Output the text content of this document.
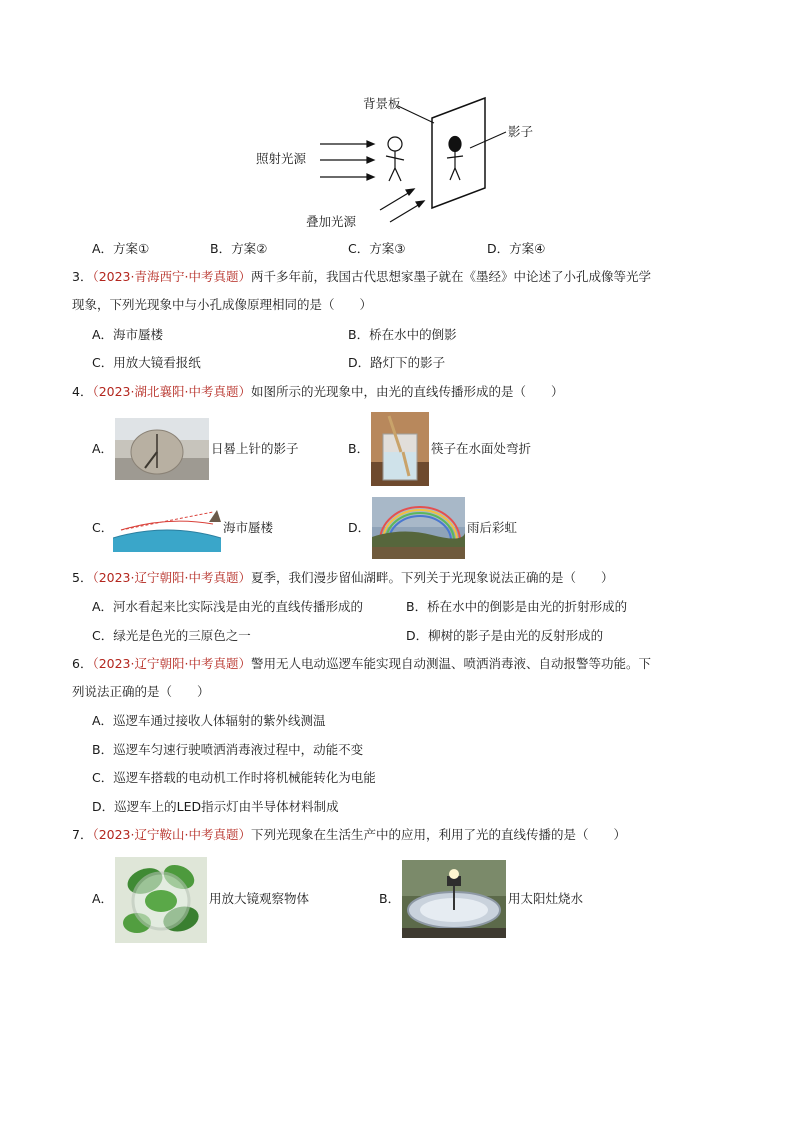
背景板
影子
照射光源
叠加光源
A．方案①	B．方案②	C．方案③	D．方案④
3．（2023·青海西宁·中考真题）两千多年前，我国古代思想家墨子就在《墨经》中论述了小孔成像等光学
现象，下列光现象中与小孔成像原理相同的是（　　）
A．海市蜃楼	B．桥在水中的倒影
C．用放大镜看报纸	D．路灯下的影子
4．（2023·湖北襄阳·中考真题）如图所示的光现象中，由光的直线传播形成的是（　　）
A．	日晷上针的影子	B．	筷子在水面处弯折
C．	海市蜃楼	D．	雨后彩虹
5．（2023·辽宁朝阳·中考真题）夏季，我们漫步留仙湖畔。下列关于光现象说法正确的是（　　）
A．河水看起来比实际浅是由光的直线传播形成的	B．桥在水中的倒影是由光的折射形成的
C．绿光是色光的三原色之一	D．柳树的影子是由光的反射形成的
6．（2023·辽宁朝阳·中考真题）警用无人电动巡逻车能实现自动测温、喷洒消毒液、自动报警等功能。下
列说法正确的是（　　）
A．巡逻车通过接收人体辐射的紫外线测温
B．巡逻车匀速行驶喷洒消毒液过程中，动能不变
C．巡逻车搭载的电动机工作时将机械能转化为电能
D．巡逻车上的LED指示灯由半导体材料制成
7．（2023·辽宁鞍山·中考真题）下列光现象在生活生产中的应用，利用了光的直线传播的是（　　）
A．	用放大镜观察物体	B．	用太阳灶烧水
